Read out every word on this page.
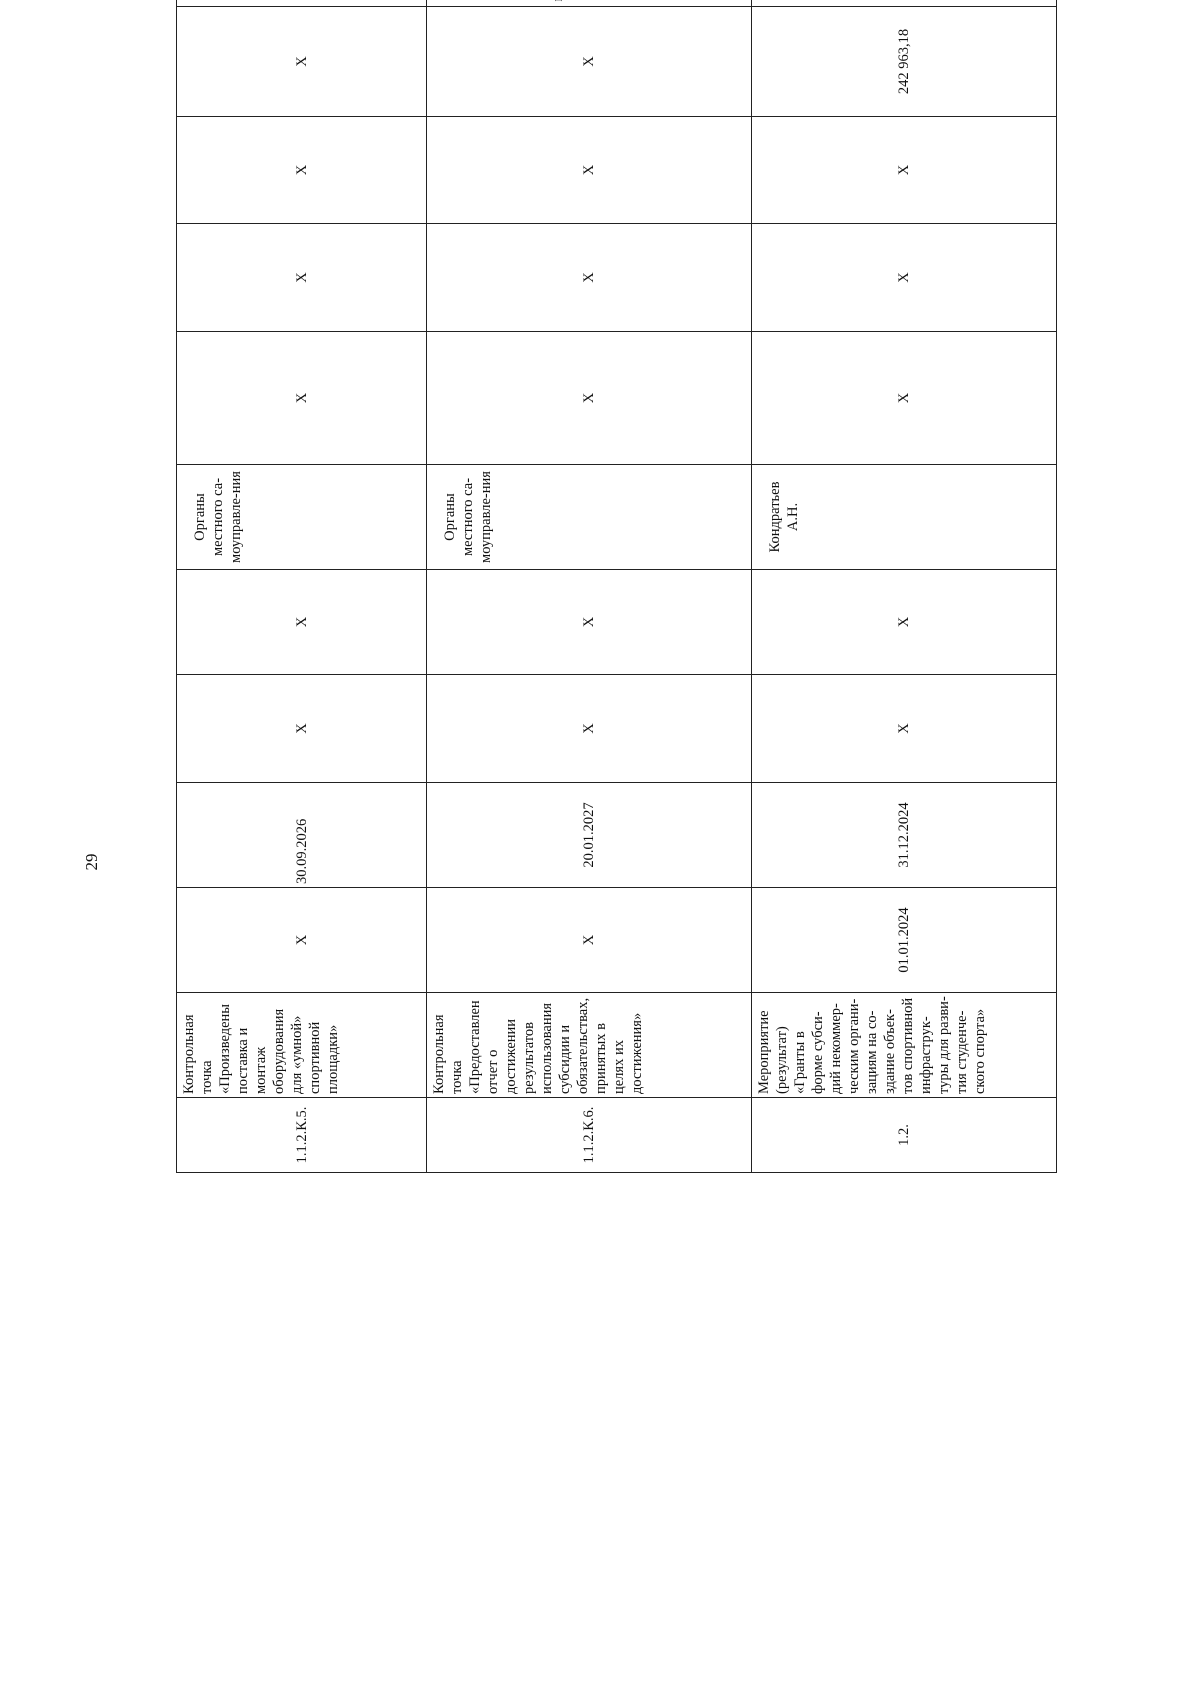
29
1.1.2.К.5.	Контрольная точка «Произведены поставка и монтаж оборудования для «умной» спортивной площадки»	X	30.09.2026	X	X	Органы местного са-моуправле-ния	X	X	X	X		
1.1.2.К.6.	Контрольная точка «Предоставлен отчет о достижении результатов использования субсидии и обязательствах, принятых в целях их достижения»	X	20.01.2027	X	X	Органы местного са-моуправле-ния	X	X	X	X		
1.2.	Мероприятие (результат) «Гранты в форме субси-дий некоммер-ческим органи-зациям на со-здание объек-тов спортивной инфраструк-туры для разви-тия студенче-ского спорта»	01.01.2024	31.12.2024	X	X	Кондратьев А.Н.	X	X	X	242 963,18		
